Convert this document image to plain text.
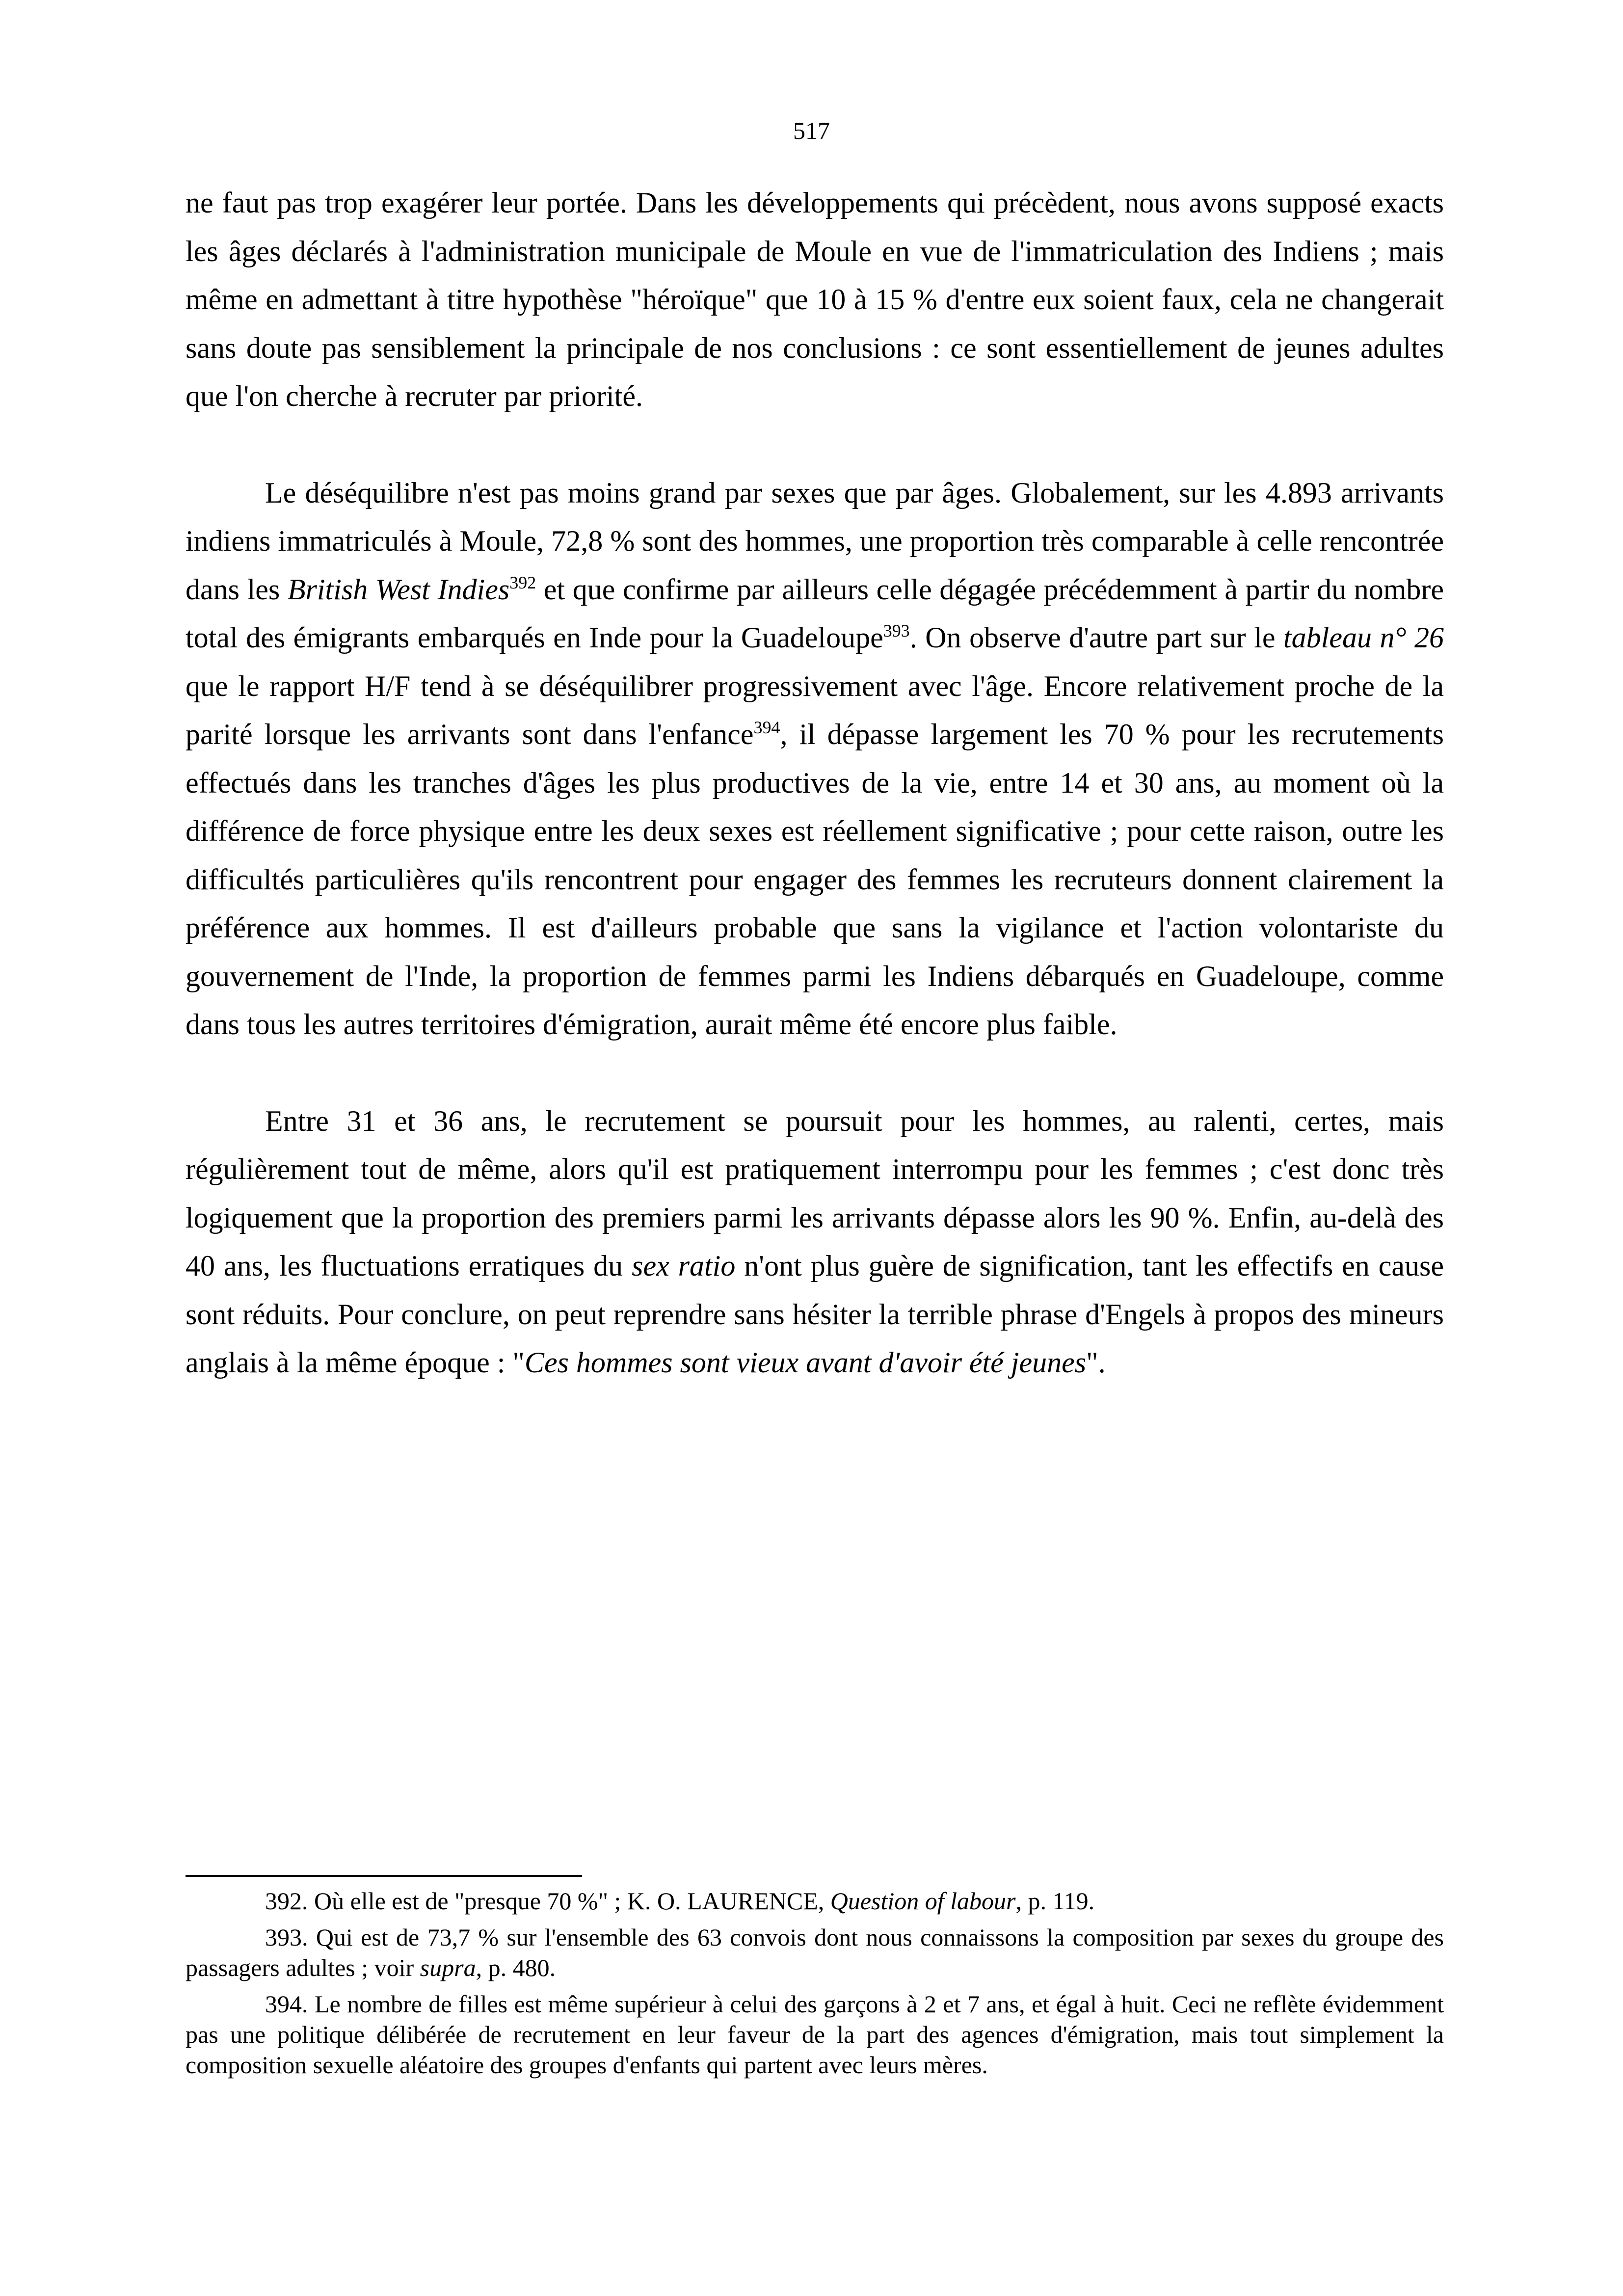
517

ne faut pas trop exagérer leur portée. Dans les développements qui précèdent, nous avons supposé exacts les âges déclarés à l'administration municipale de Moule en vue de l'immatriculation des Indiens ; mais même en admettant à titre hypothèse "héroïque" que 10 à 15 % d'entre eux soient faux, cela ne changerait sans doute pas sensiblement la principale de nos conclusions : ce sont essentiellement de jeunes adultes que l'on cherche à recruter par priorité.

Le déséquilibre n'est pas moins grand par sexes que par âges. Globalement, sur les 4.893 arrivants indiens immatriculés à Moule, 72,8 % sont des hommes, une proportion très comparable à celle rencontrée dans les British West Indies$^{392}$ et que confirme par ailleurs celle dégagée précédemment à partir du nombre total des émigrants embarqués en Inde pour la Guadeloupe$^{393}$. On observe d'autre part sur le tableau n° 26 que le rapport H/F tend à se déséquilibrer progressivement avec l'âge. Encore relativement proche de la parité lorsque les arrivants sont dans l'enfance$^{394}$, il dépasse largement les 70 % pour les recrutements effectués dans les tranches d'âges les plus productives de la vie, entre 14 et 30 ans, au moment où la différence de force physique entre les deux sexes est réellement significative ; pour cette raison, outre les difficultés particulières qu'ils rencontrent pour engager des femmes les recruteurs donnent clairement la préférence aux hommes. Il est d'ailleurs probable que sans la vigilance et l'action volontariste du gouvernement de l'Inde, la proportion de femmes parmi les Indiens débarqués en Guadeloupe, comme dans tous les autres territoires d'émigration, aurait même été encore plus faible.

Entre 31 et 36 ans, le recrutement se poursuit pour les hommes, au ralenti, certes, mais régulièrement tout de même, alors qu'il est pratiquement interrompu pour les femmes ; c'est donc très logiquement que la proportion des premiers parmi les arrivants dépasse alors les 90 %. Enfin, au-delà des 40 ans, les fluctuations erratiques du sex ratio n'ont plus guère de signification, tant les effectifs en cause sont réduits. Pour conclure, on peut reprendre sans hésiter la terrible phrase d'Engels à propos des mineurs anglais à la même époque : "Ces hommes sont vieux avant d'avoir été jeunes".

392. Où elle est de "presque 70 %" ; K. O. LAURENCE, Question of labour, p. 119.

393. Qui est de 73,7 % sur l'ensemble des 63 convois dont nous connaissons la composition par sexes du groupe des passagers adultes ; voir supra, p. 480.

394. Le nombre de filles est même supérieur à celui des garçons à 2 et 7 ans, et égal à huit. Ceci ne reflète évidemment pas une politique délibérée de recrutement en leur faveur de la part des agences d'émigration, mais tout simplement la composition sexuelle aléatoire des groupes d'enfants qui partent avec leurs mères.
